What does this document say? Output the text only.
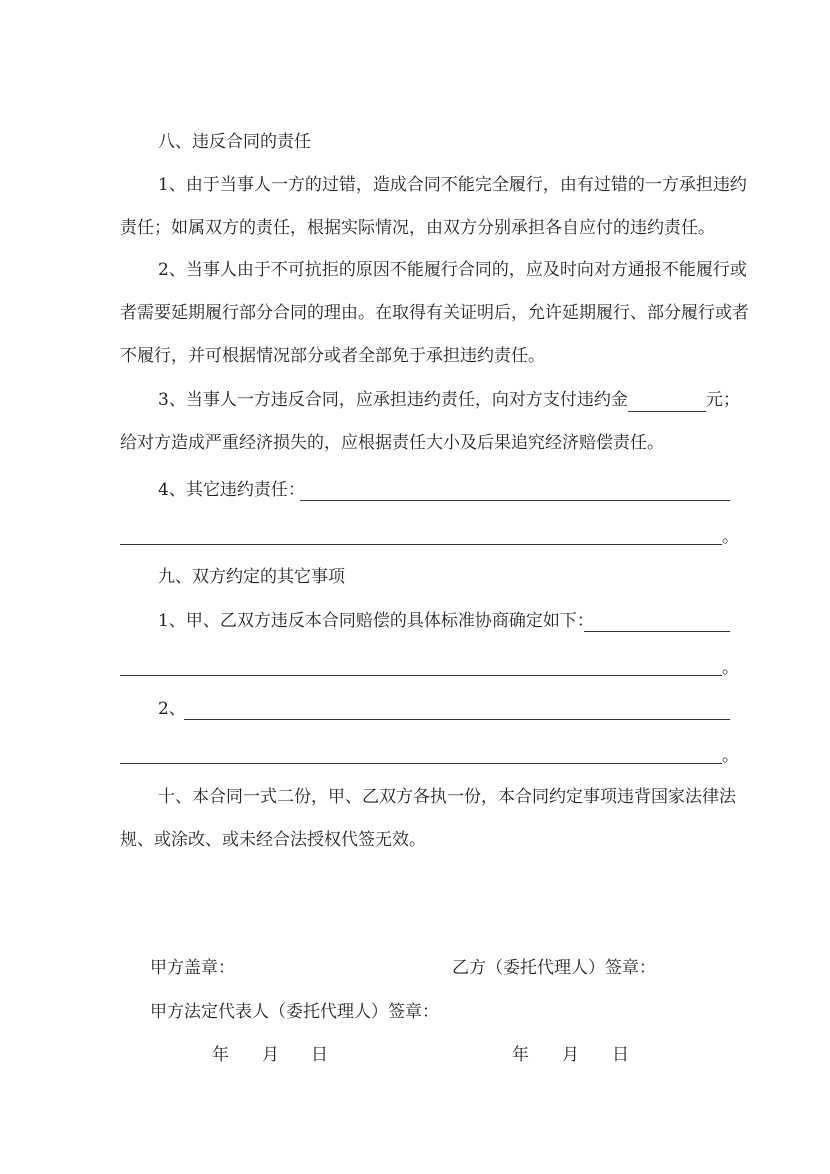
八、违反合同的责任
1、由于当事人一方的过错，造成合同不能完全履行，由有过错的一方承担违约
责任；如属双方的责任，根据实际情况，由双方分别承担各自应付的违约责任。
2、当事人由于不可抗拒的原因不能履行合同的，应及时向对方通报不能履行或
者需要延期履行部分合同的理由。在取得有关证明后，允许延期履行、部分履行或者
不履行，并可根据情况部分或者全部免于承担违约责任。
3、当事人一方违反合同，应承担违约责任，向对方支付违约金	元；
给对方造成严重经济损失的，应根据责任大小及后果追究经济赔偿责任。
4、其它违约责任：
。
九、双方约定的其它事项
1、甲、乙双方违反本合同赔偿的具体标准协商确定如下：
。
2、
。
十、本合同一式二份，甲、乙双方各执一份，本合同约定事项违背国家法律法
规、或涂改、或未经合法授权代签无效。
甲方盖章：	乙方（委托代理人）签章：
甲方法定代表人（委托代理人）签章：
年 月 日	年 月 日
